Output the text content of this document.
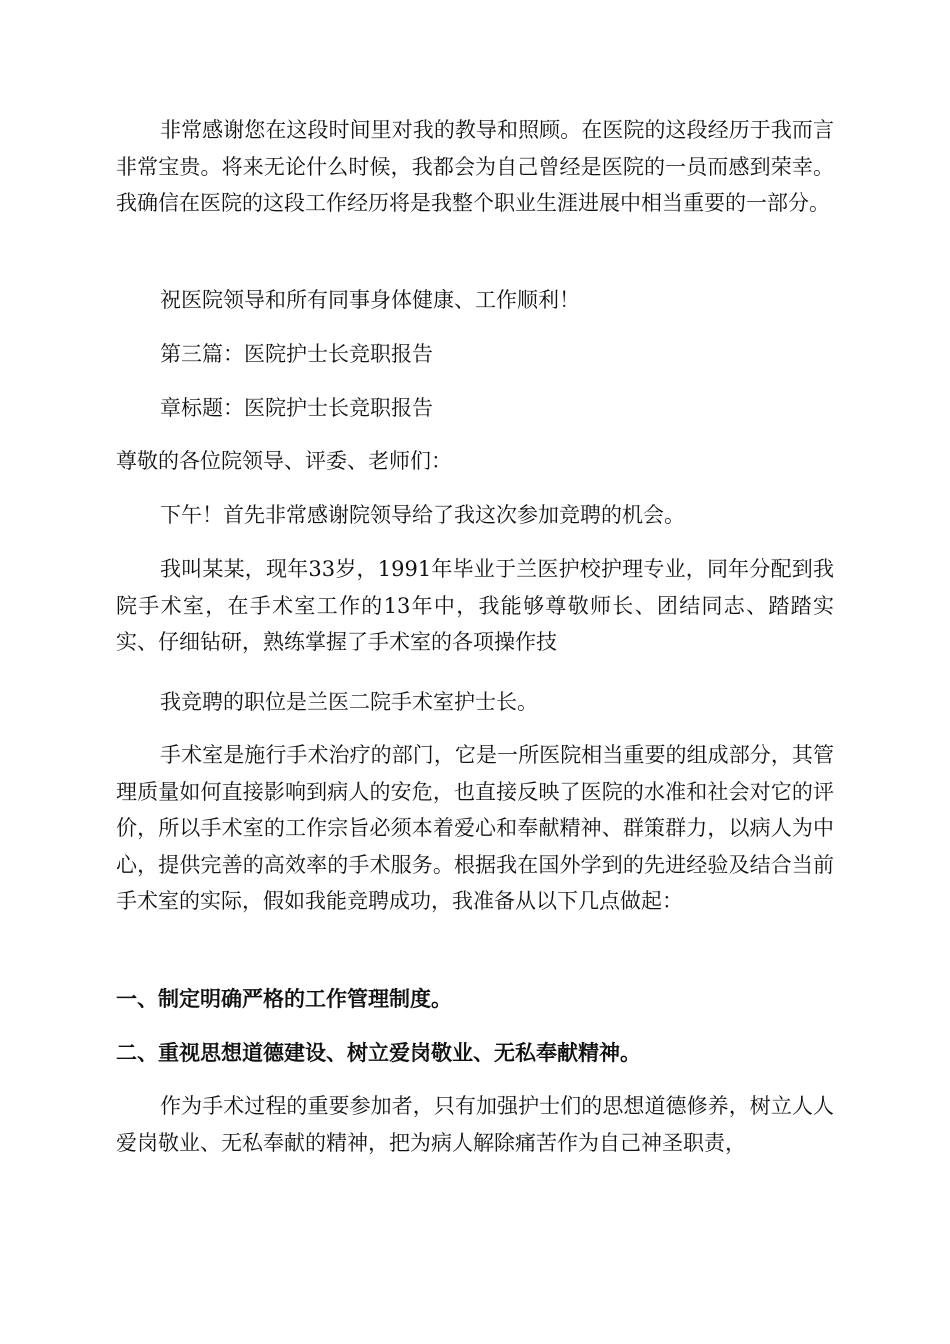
非常感谢您在这段时间里对我的教导和照顾。在医院的这段经历于我而言非常宝贵。将来无论什么时候，我都会为自己曾经是医院的一员而感到荣幸。我确信在医院的这段工作经历将是我整个职业生涯进展中相当重要的一部分。

祝医院领导和所有同事身体健康、工作顺利！

第三篇：医院护士长竞职报告

章标题：医院护士长竞职报告

尊敬的各位院领导、评委、老师们：

下午！首先非常感谢院领导给了我这次参加竞聘的机会。

我叫某某，现年33岁，1991年毕业于兰医护校护理专业，同年分配到我院手术室，在手术室工作的13年中，我能够尊敬师长、团结同志、踏踏实实、仔细钻研，熟练掌握了手术室的各项操作技

我竞聘的职位是兰医二院手术室护士长。

手术室是施行手术治疗的部门，它是一所医院相当重要的组成部分，其管理质量如何直接影响到病人的安危，也直接反映了医院的水准和社会对它的评价，所以手术室的工作宗旨必须本着爱心和奉献精神、群策群力，以病人为中心，提供完善的高效率的手术服务。根据我在国外学到的先进经验及结合当前手术室的实际，假如我能竞聘成功，我准备从以下几点做起：

一、制定明确严格的工作管理制度。

二、重视思想道德建设、树立爱岗敬业、无私奉献精神。

作为手术过程的重要参加者，只有加强护士们的思想道德修养，树立人人爱岗敬业、无私奉献的精神，把为病人解除痛苦作为自己神圣职责，
